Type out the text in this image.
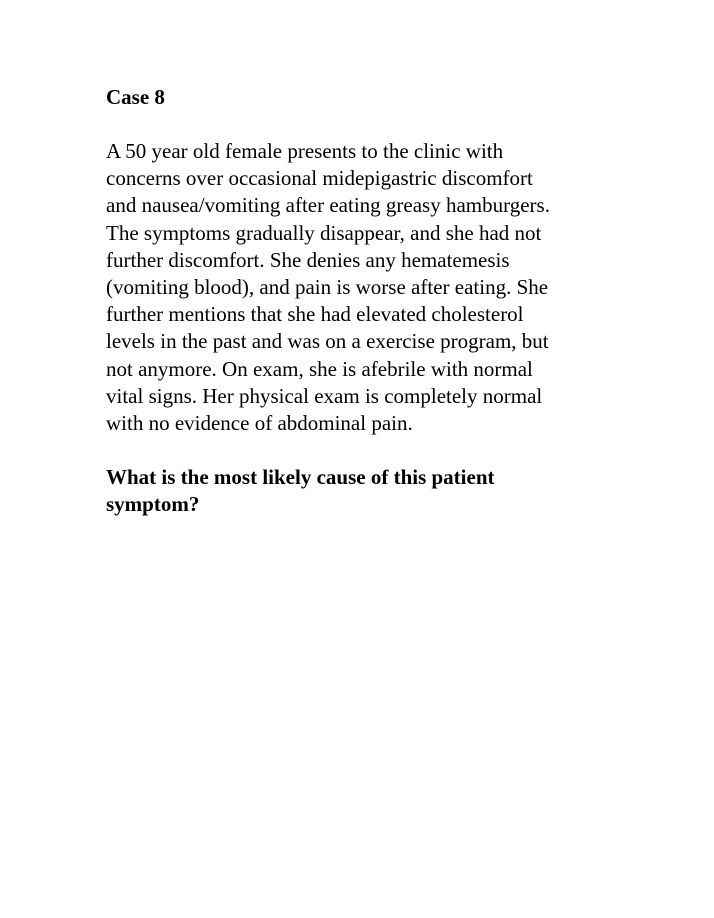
Case 8
A 50 year old female presents to the clinic with
concerns over occasional midepigastric discomfort
and nausea/vomiting after eating greasy hamburgers.
The symptoms gradually disappear, and she had not
further discomfort. She denies any hematemesis
(vomiting blood), and pain is worse after eating. She
further mentions that she had elevated cholesterol
levels in the past and was on a exercise program, but
not anymore. On exam, she is afebrile with normal
vital signs. Her physical exam is completely normal
with no evidence of abdominal pain.
What is the most likely cause of this patient
symptom?
